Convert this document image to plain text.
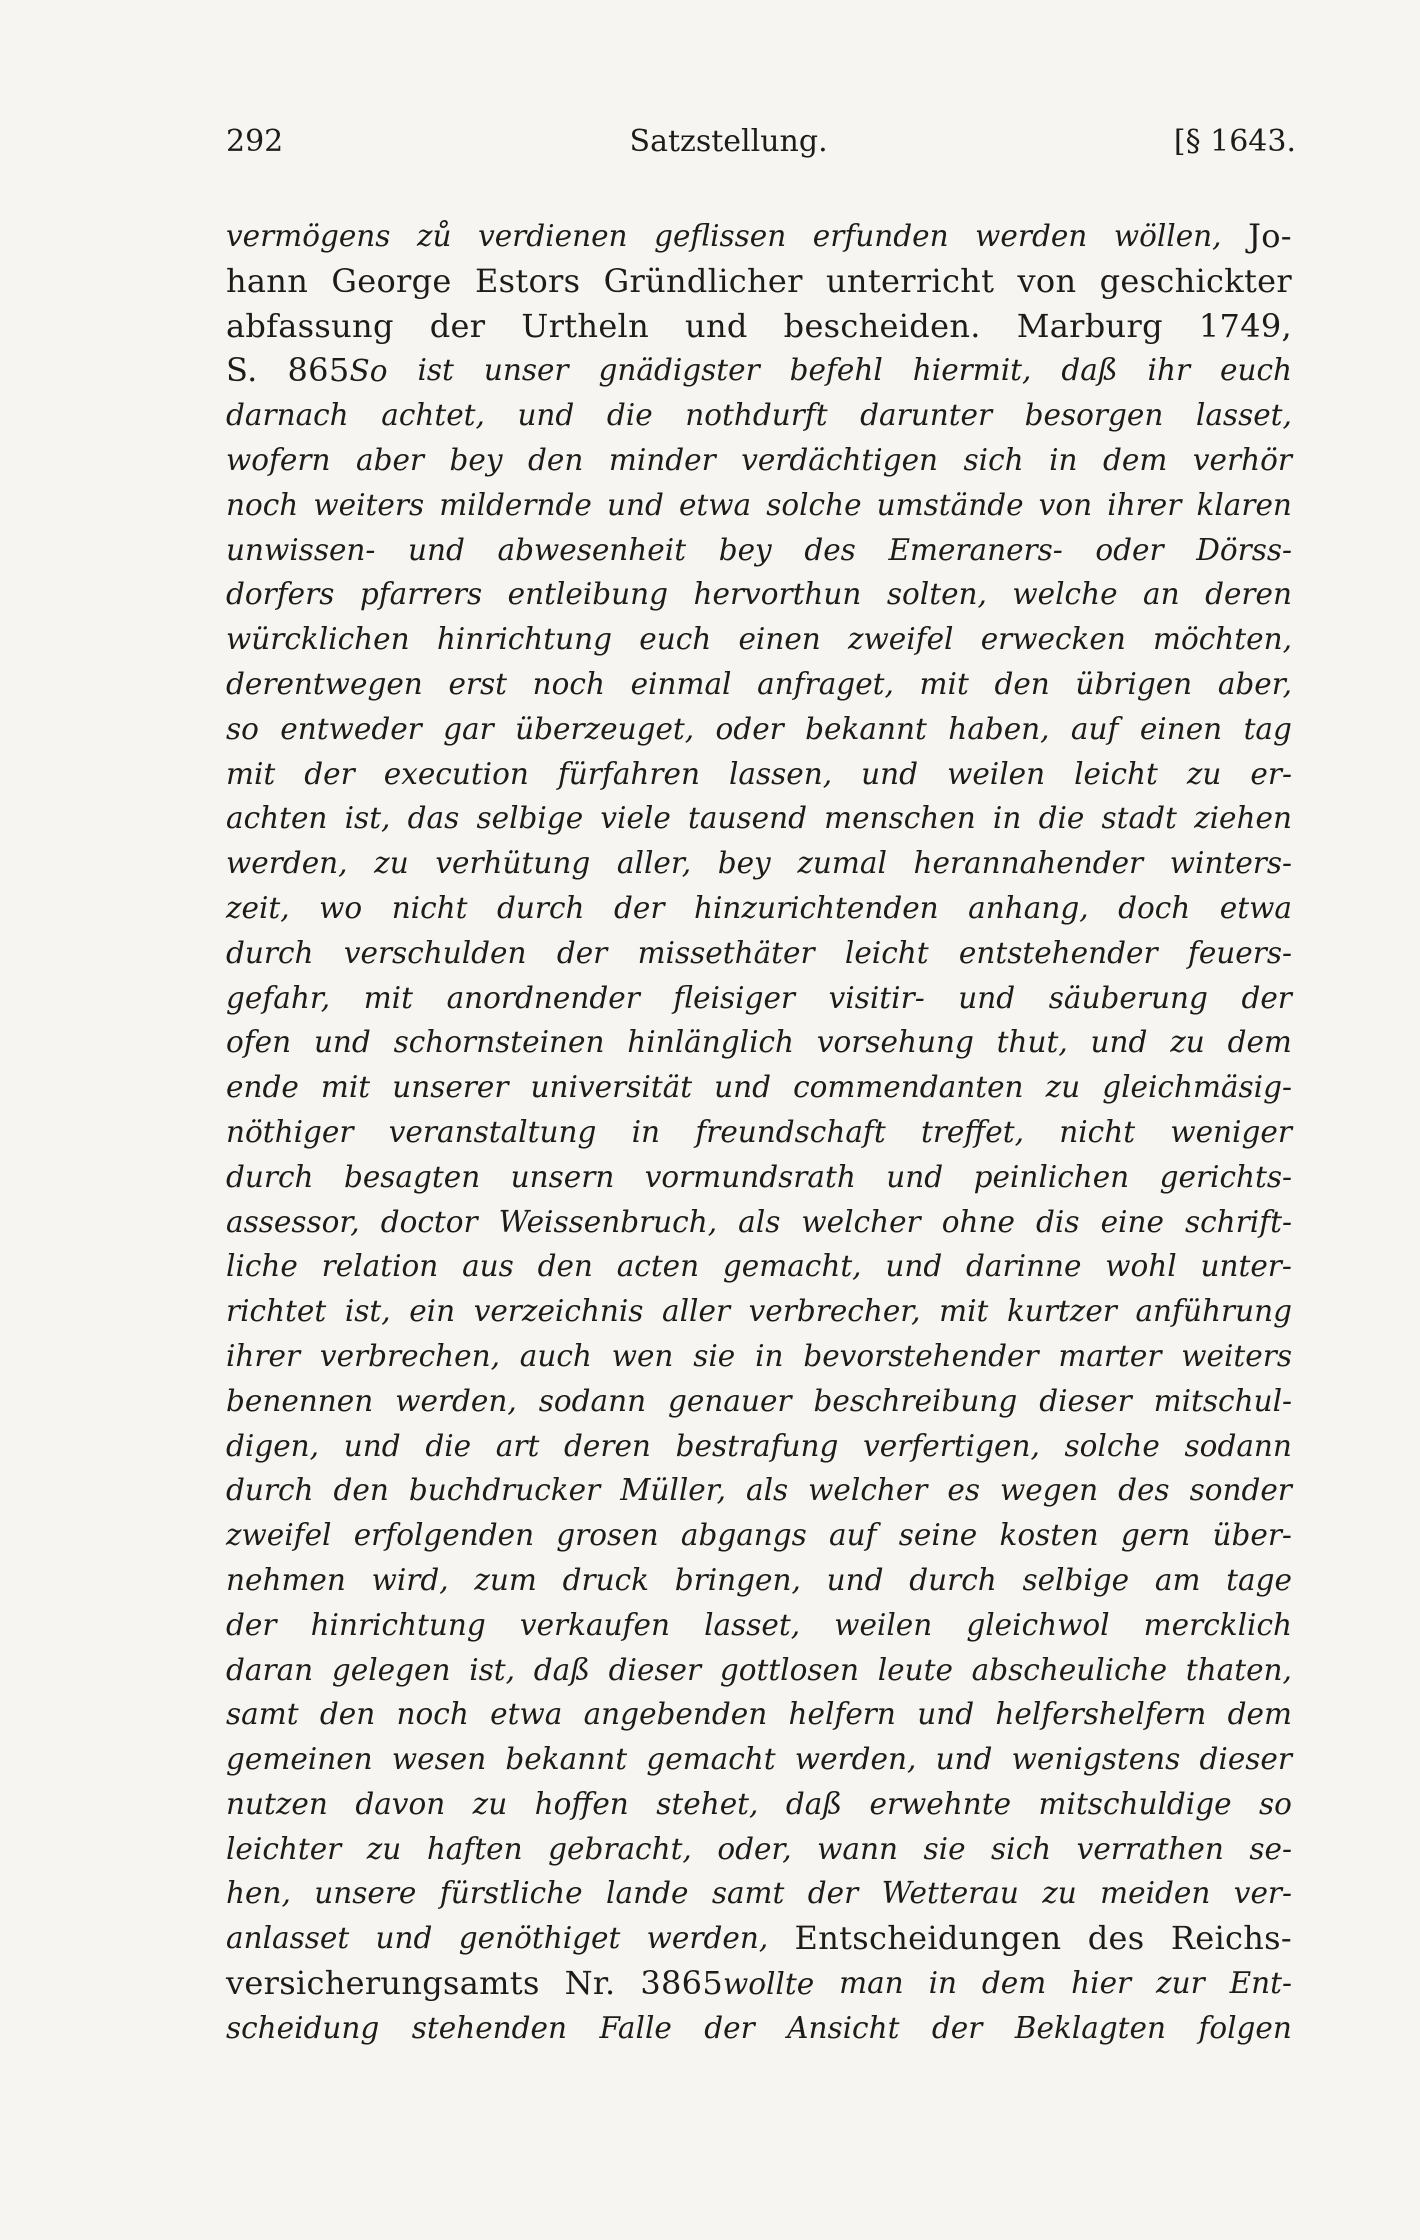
292	Satzstellung.	[§ 1643.
vermögens zů verdienen geflissen erfunden werden wöllen, Jo-
hann George Estors Gründlicher unterricht von geschickter
abfassung der Urtheln und bescheiden. Marburg 1749,
S. 865So ist unser gnädigster befehl hiermit, daß ihr euch
darnach achtet, und die nothdurft darunter besorgen lasset,
wofern aber bey den minder verdächtigen sich in dem verhör
noch weiters mildernde und etwa solche umstände von ihrer klaren
unwissen- und abwesenheit bey des Emeraners- oder Dörss-
dorfers pfarrers entleibung hervorthun solten, welche an deren
würcklichen hinrichtung euch einen zweifel erwecken möchten,
derentwegen erst noch einmal anfraget, mit den übrigen aber,
so entweder gar überzeuget, oder bekannt haben, auf einen tag
mit der execution fürfahren lassen, und weilen leicht zu er-
achten ist, das selbige viele tausend menschen in die stadt ziehen
werden, zu verhütung aller, bey zumal herannahender winters-
zeit, wo nicht durch der hinzurichtenden anhang, doch etwa
durch verschulden der missethäter leicht entstehender feuers-
gefahr, mit anordnender fleisiger visitir- und säuberung der
ofen und schornsteinen hinlänglich vorsehung thut, und zu dem
ende mit unserer universität und commendanten zu gleichmäsig-
nöthiger veranstaltung in freundschaft treffet, nicht weniger
durch besagten unsern vormundsrath und peinlichen gerichts-
assessor, doctor Weissenbruch, als welcher ohne dis eine schrift-
liche relation aus den acten gemacht, und darinne wohl unter-
richtet ist, ein verzeichnis aller verbrecher, mit kurtzer anführung
ihrer verbrechen, auch wen sie in bevorstehender marter weiters
benennen werden, sodann genauer beschreibung dieser mitschul-
digen, und die art deren bestrafung verfertigen, solche sodann
durch den buchdrucker Müller, als welcher es wegen des sonder
zweifel erfolgenden grosen abgangs auf seine kosten gern über-
nehmen wird, zum druck bringen, und durch selbige am tage
der hinrichtung verkaufen lasset, weilen gleichwol mercklich
daran gelegen ist, daß dieser gottlosen leute abscheuliche thaten,
samt den noch etwa angebenden helfern und helfershelfern dem
gemeinen wesen bekannt gemacht werden, und wenigstens dieser
nutzen davon zu hoffen stehet, daß erwehnte mitschuldige so
leichter zu haften gebracht, oder, wann sie sich verrathen se-
hen, unsere fürstliche lande samt der Wetterau zu meiden ver-
anlasset und genöthiget werden, Entscheidungen des Reichs-
versicherungsamts Nr. 3865wollte man in dem hier zur Ent-
scheidung stehenden Falle der Ansicht der Beklagten folgen
